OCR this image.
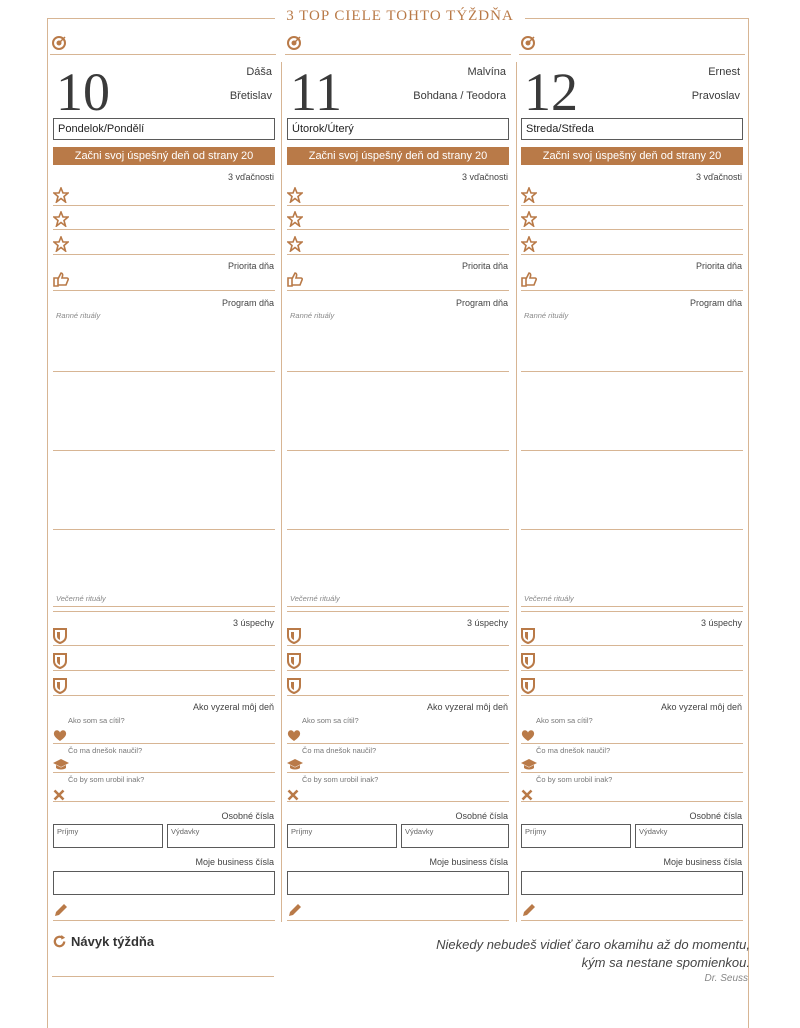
3 TOP CIELE TOHTO TÝŽDŇA
10	Dáša
Břetislav
Pondelok/Pondělí
Začni svoj úspešný deň od strany 20
3 vďačnosti
Priorita dňa
Program dňa
Ranné rituály
Večerné rituály
3 úspechy
Ako vyzeral môj deň
Ako som sa cítil?
Čo ma dnešok naučil?
Čo by som urobil inak?
Osobné čísla
Príjmy	Výdavky
Moje business čísla
11	Malvína
Bohdana / Teodora
Útorok/Úterý
Začni svoj úspešný deň od strany 20
3 vďačnosti
Priorita dňa
Program dňa
Ranné rituály
Večerné rituály
3 úspechy
Ako vyzeral môj deň
Ako som sa cítil?
Čo ma dnešok naučil?
Čo by som urobil inak?
Osobné čísla
Príjmy	Výdavky
Moje business čísla
12	Ernest
Pravoslav
Streda/Středa
Začni svoj úspešný deň od strany 20
3 vďačnosti
Priorita dňa
Program dňa
Ranné rituály
Večerné rituály
3 úspechy
Ako vyzeral môj deň
Ako som sa cítil?
Čo ma dnešok naučil?
Čo by som urobil inak?
Osobné čísla
Príjmy	Výdavky
Moje business čísla
Návyk týždňa	Niekedy nebudeš vidieť čaro okamihu až do momentu,
kým sa nestane spomienkou.
Dr. Seuss
